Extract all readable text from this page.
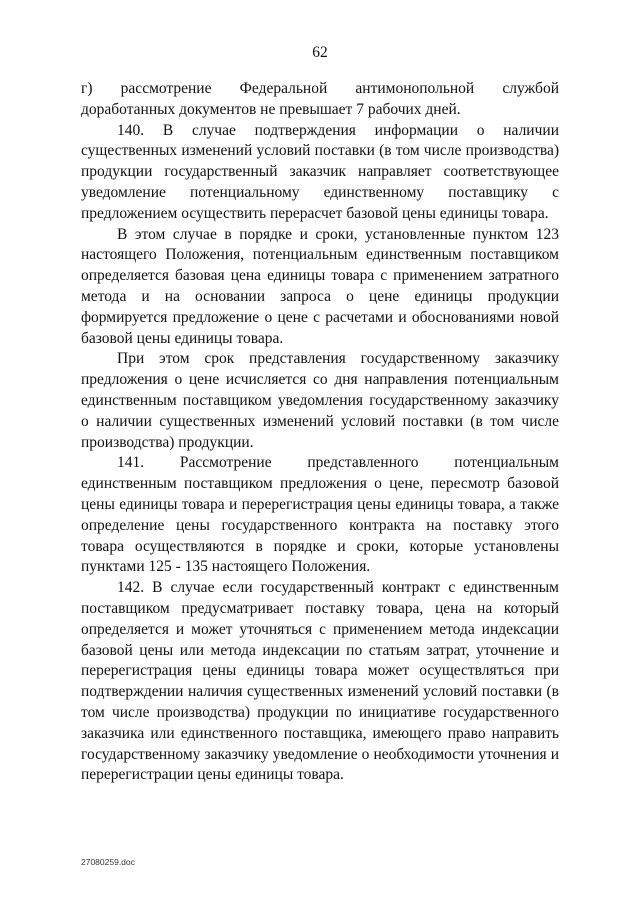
62

г) рассмотрение Федеральной антимонопольной службой доработанных документов не превышает 7 рабочих дней.

140. В случае подтверждения информации о наличии существенных изменений условий поставки (в том числе производства) продукции государственный заказчик направляет соответствующее уведомление потенциальному единственному поставщику с предложением осуществить перерасчет базовой цены единицы товара.

В этом случае в порядке и сроки, установленные пунктом 123 настоящего Положения, потенциальным единственным поставщиком определяется базовая цена единицы товара с применением затратного метода и на основании запроса о цене единицы продукции формируется предложение о цене с расчетами и обоснованиями новой базовой цены единицы товара.

При этом срок представления государственному заказчику предложения о цене исчисляется со дня направления потенциальным единственным поставщиком уведомления государственному заказчику о наличии существенных изменений условий поставки (в том числе производства) продукции.

141. Рассмотрение представленного потенциальным единственным поставщиком предложения о цене, пересмотр базовой цены единицы товара и перерегистрация цены единицы товара, а также определение цены государственного контракта на поставку этого товара осуществляются в порядке и сроки, которые установлены пунктами 125 - 135 настоящего Положения.

142. В случае если государственный контракт с единственным поставщиком предусматривает поставку товара, цена на который определяется и может уточняться с применением метода индексации базовой цены или метода индексации по статьям затрат, уточнение и перерегистрация цены единицы товара может осуществляться при подтверждении наличия существенных изменений условий поставки (в том числе производства) продукции по инициативе государственного заказчика или единственного поставщика, имеющего право направить государственному заказчику уведомление о необходимости уточнения и перерегистрации цены единицы товара.

27080259.doc
